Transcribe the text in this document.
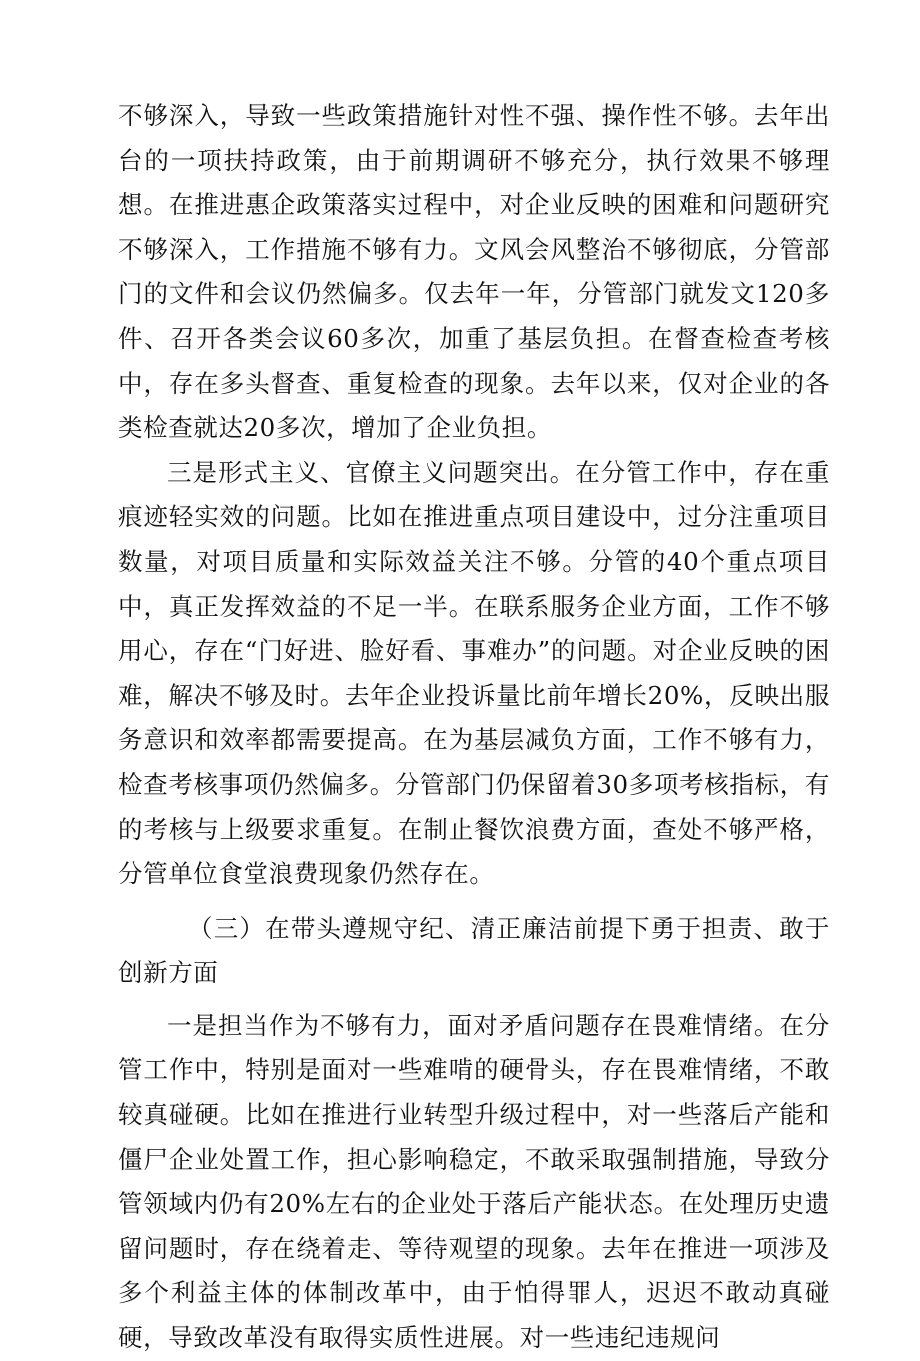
不够深入，导致一些政策措施针对性不强、操作性不够。去年出台的一项扶持政策，由于前期调研不够充分，执行效果不够理想。在推进惠企政策落实过程中，对企业反映的困难和问题研究不够深入，工作措施不够有力。文风会风整治不够彻底，分管部门的文件和会议仍然偏多。仅去年一年，分管部门就发文120多件、召开各类会议60多次，加重了基层负担。在督查检查考核中，存在多头督查、重复检查的现象。去年以来，仅对企业的各类检查就达20多次，增加了企业负担。

三是形式主义、官僚主义问题突出。在分管工作中，存在重痕迹轻实效的问题。比如在推进重点项目建设中，过分注重项目数量，对项目质量和实际效益关注不够。分管的40个重点项目中，真正发挥效益的不足一半。在联系服务企业方面，工作不够用心，存在“门好进、脸好看、事难办”的问题。对企业反映的困难，解决不够及时。去年企业投诉量比前年增长20%，反映出服务意识和效率都需要提高。在为基层减负方面，工作不够有力，检查考核事项仍然偏多。分管部门仍保留着30多项考核指标，有的考核与上级要求重复。在制止餐饮浪费方面，查处不够严格，分管单位食堂浪费现象仍然存在。

（三）在带头遵规守纪、清正廉洁前提下勇于担责、敢于创新方面

一是担当作为不够有力，面对矛盾问题存在畏难情绪。在分管工作中，特别是面对一些难啃的硬骨头，存在畏难情绪，不敢较真碰硬。比如在推进行业转型升级过程中，对一些落后产能和僵尸企业处置工作，担心影响稳定，不敢采取强制措施，导致分管领域内仍有20%左右的企业处于落后产能状态。在处理历史遗留问题时，存在绕着走、等待观望的现象。去年在推进一项涉及多个利益主体的体制改革中，由于怕得罪人，迟迟不敢动真碰硬，导致改革没有取得实质性进展。对一些违纪违规问
